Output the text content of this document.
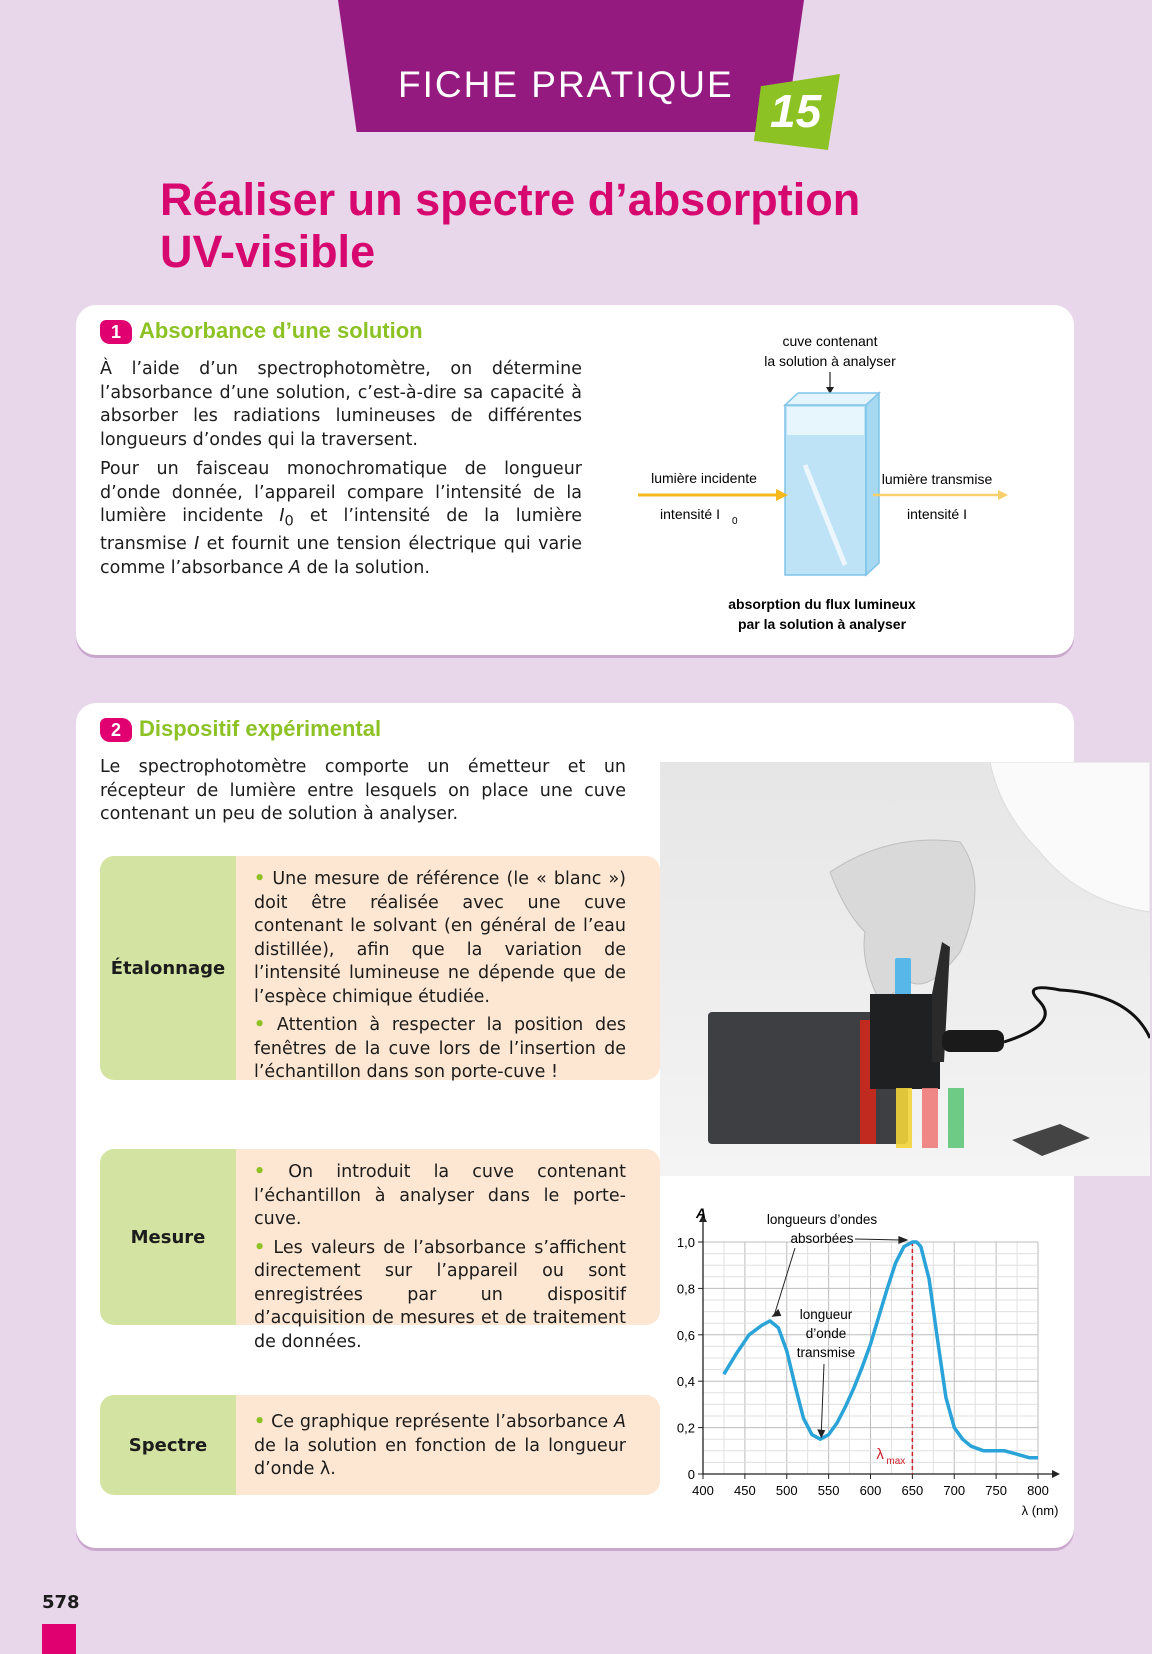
FICHE PRATIQUE
15
Réaliser un spectre d’absorption
UV-visible
1 Absorbance d’une solution

À l’aide d’un spectrophotomètre, on détermine l’absorbance d’une solution, c’est-à-dire sa capacité à absorber les radiations lumineuses de différentes longueurs d’ondes qui la traversent.

Pour un faisceau monochromatique de longueur d’onde donnée, l’appareil compare l’intensité de la lumière incidente $I_0$ et l’intensité de la lumière transmise I et fournit une tension électrique qui varie comme l’absorbance A de la solution.

cuve contenant
la solution à analyser
lumière incidente
intensité I 0
lumière transmise
intensité I
absorption du flux lumineux
par la solution à analyser
2 Dispositif expérimental
Le spectrophotomètre comporte un émetteur et un récepteur de lumière entre lesquels on place une cuve contenant un peu de solution à analyser.
Étalonnage

• Une mesure de référence (le « blanc ») doit être réalisée avec une cuve contenant le solvant (en général de l’eau distillée), afin que la variation de l’intensité lumineuse ne dépende que de l’espèce chimique étudiée.

• Attention à respecter la position des fenêtres de la cuve lors de l’insertion de l’échantillon dans son porte-cuve !

Mesure

• On introduit la cuve contenant l’échantillon à analyser dans le porte-cuve.

• Les valeurs de l’absorbance s’affichent directement sur l’appareil ou sont enregistrées par un dispositif d’acquisition de mesures et de traitement de données.

Spectre

• Ce graphique représente l’absorbance A de la solution en fonction de la longueur d’onde λ.

400 450 500 550 600 650 700 750 800
0
0,2
0,4
0,6
0,8
1,0
A
λ (nm)
λ max
longueurs d’ondes
absorbées
longueur
d’onde
transmise
578
